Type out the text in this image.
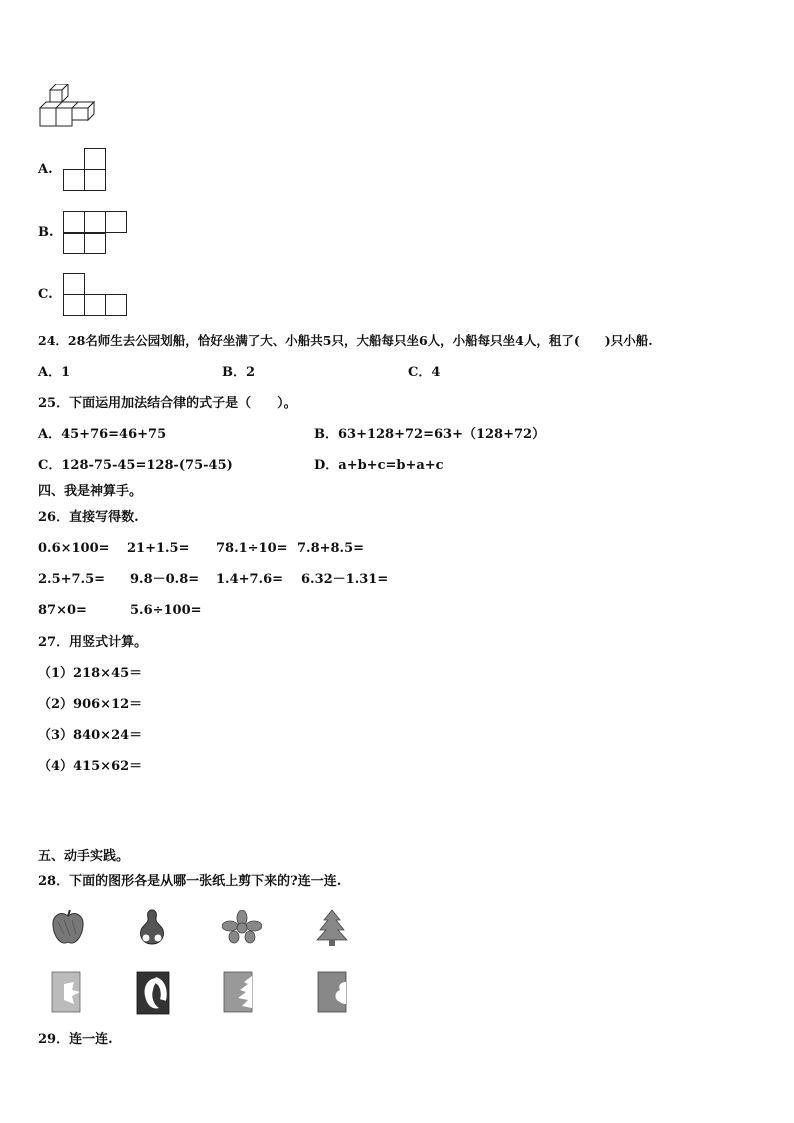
A.
B.
C.
24．28名师生去公园划船，恰好坐满了大、小船共5只，大船每只坐6人，小船每只坐4人，租了(　　)只小船.
A．1	B．2	C．4
25．下面运用加法结合律的式子是（　　）。
A．45+76=46+75	B．63+128+72=63+（128+72）
C．128-75-45=128-(75-45)	D．a+b+c=b+a+c
四、我是神算手。
26．直接写得数.
0.6×100= 21+1.5= 78.1÷10= 7.8+8.5=
2.5+7.5= 9.8－0.8= 1.4+7.6= 6.32－1.31=
87×0=	5.6÷100=
27．用竖式计算。
（1）218×45＝
（2）906×12＝
（3）840×24＝
（4）415×62＝
五、动手实践。
28．下面的图形各是从哪一张纸上剪下来的?连一连.
29．连一连.
